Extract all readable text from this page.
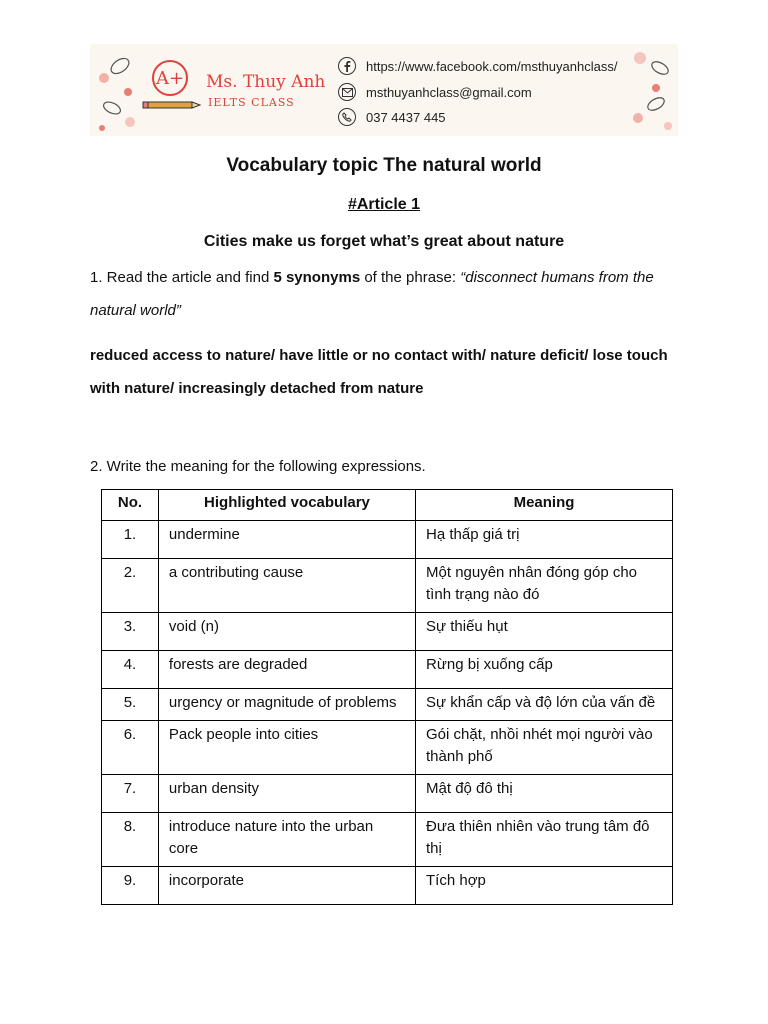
A+ Ms. Thuy Anh
IELTS CLASS
https://www.facebook.com/msthuyanhclass/
msthuyanhclass@gmail.com
037 4437 445
Vocabulary topic The natural world
#Article 1
Cities make us forget what’s great about nature
1. Read the article and find 5 synonyms of the phrase: “disconnect humans from the natural world”
reduced access to nature/ have little or no contact with/ nature deficit/ lose touch with nature/ increasingly detached from nature
2. Write the meaning for the following expressions.
No.	Highlighted vocabulary	Meaning
1.	undermine	Hạ thấp giá trị
2.	a contributing cause	Một nguyên nhân đóng góp cho tình trạng nào đó
3.	void (n)	Sự thiếu hụt
4.	forests are degraded	Rừng bị xuống cấp
5.	urgency or magnitude of problems	Sự khẩn cấp và độ lớn của vấn đề
6.	Pack people into cities	Gói chặt, nhồi nhét mọi người vào thành phố
7.	urban density	Mật độ đô thị
8.	introduce nature into the urban core	Đưa thiên nhiên vào trung tâm đô thị
9.	incorporate	Tích hợp
